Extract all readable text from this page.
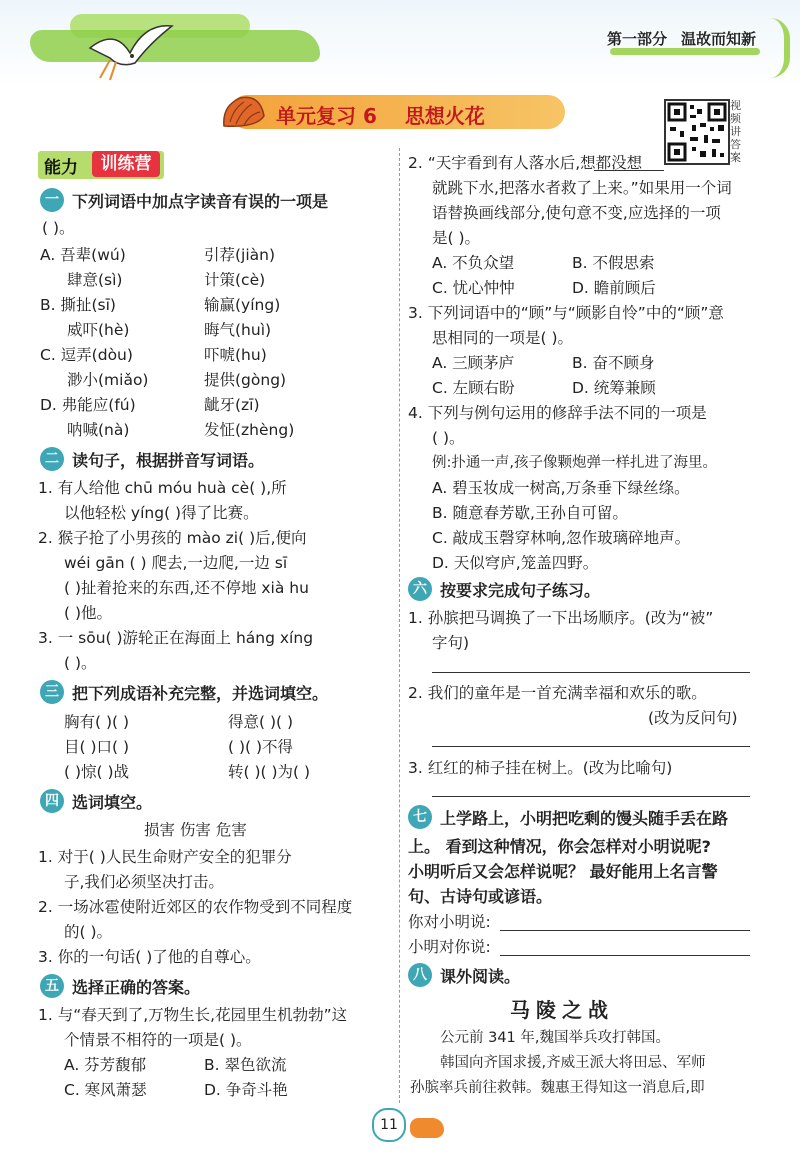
第一部分 温故而知新
单元复习 6 思想火花	视频讲答案
能力	训练营
一 下列词语中加点字读音有误的一项是
( )。
A. 吾辈(wú)	引荐(jiàn)
肆意(sì)	计策(cè)
B. 撕扯(sī)	输赢(yíng)
威吓(hè)	晦气(huì)
C. 逗弄(dòu)	吓唬(hu)
渺小(miǎo)	提供(gòng)
D. 弗能应(fú)	龇牙(zī)
呐喊(nà)	发怔(zhèng)
二 读句子，根据拼音写词语。
1. 有人给他 chū móu huà cè( ),所
以他轻松 yíng( )得了比赛。
2. 猴子抢了小男孩的 mào zi( )后,便向
wéi gān ( ) 爬去,一边爬,一边 sī
( )扯着抢来的东西,还不停地 xià hu
( )他。
3. 一 sōu( )游轮正在海面上 háng xíng
( )。
三 把下列成语补充完整，并选词填空。
胸有( )( )	得意( )( )
目( )口( )	( )( )不得
( )惊( )战	转( )( )为( )
四 选词填空。
损害 伤害 危害
1. 对于( )人民生命财产安全的犯罪分
子,我们必须坚决打击。
2. 一场冰雹使附近郊区的农作物受到不同程度
的( )。
3. 你的一句话( )了他的自尊心。
五 选择正确的答案。
1. 与“春天到了,万物生长,花园里生机勃勃”这
个情景不相符的一项是( )。
A. 芬芳馥郁	B. 翠色欲流
C. 寒风萧瑟	D. 争奇斗艳
2. “天宇看到有人落水后,想都没想
就跳下水,把落水者救了上来。”如果用一个词
语替换画线部分,使句意不变,应选择的一项
是( )。
A. 不负众望	B. 不假思索
C. 忧心忡忡	D. 瞻前顾后
3. 下列词语中的“顾”与“顾影自怜”中的“顾”意
思相同的一项是( )。
A. 三顾茅庐	B. 奋不顾身
C. 左顾右盼	D. 统筹兼顾
4. 下列与例句运用的修辞手法不同的一项是
( )。
例:扑通一声,孩子像颗炮弹一样扎进了海里。
A. 碧玉妆成一树高,万条垂下绿丝绦。
B. 随意春芳歇,王孙自可留。
C. 敲成玉磬穿林响,忽作玻璃碎地声。
D. 天似穹庐,笼盖四野。
六 按要求完成句子练习。
1. 孙膑把马调换了一下出场顺序。(改为“被”
字句)
2. 我们的童年是一首充满幸福和欢乐的歌。
(改为反问句)
3. 红红的柿子挂在树上。(改为比喻句)
七 上学路上，小明把吃剩的馒头随手丢在路
上。 看到这种情况，你会怎样对小明说呢?
小明听后又会怎样说呢？ 最好能用上名言警
句、古诗句或谚语。
你对小明说:
小明对你说:
八 课外阅读。
马陵之战
公元前 341 年,魏国举兵攻打韩国。
韩国向齐国求援,齐威王派大将田忌、军师
孙膑率兵前往救韩。魏惠王得知这一消息后,即
11
